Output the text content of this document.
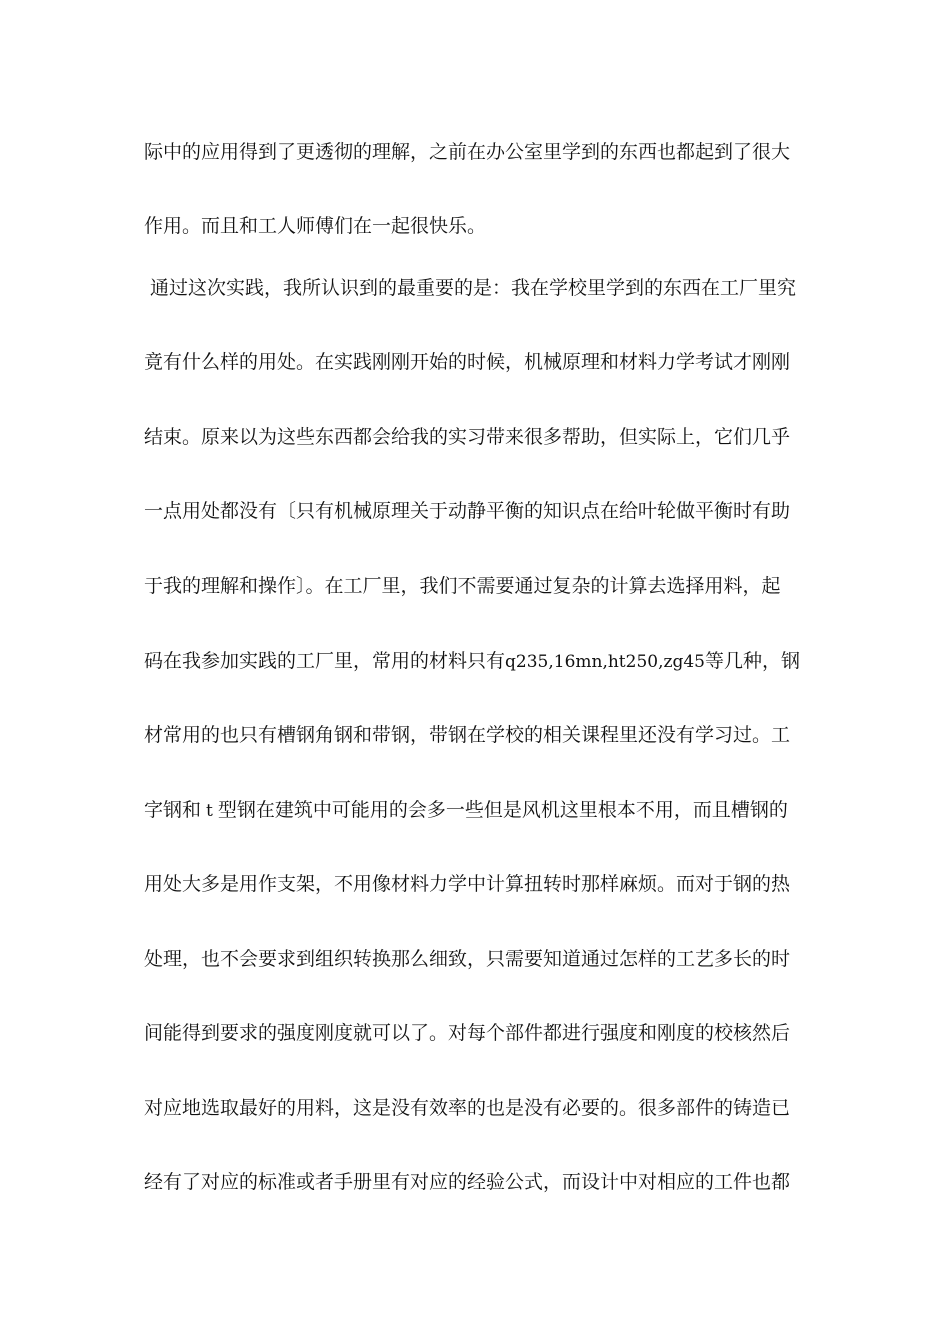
际中的应用得到了更透彻的理解，之前在办公室里学到的东西也都起到了很大
作用。而且和工人师傅们在一起很快乐。
通过这次实践，我所认识到的最重要的是：我在学校里学到的东西在工厂里究
竟有什么样的用处。在实践刚刚开始的时候，机械原理和材料力学考试才刚刚
结束。原来以为这些东西都会给我的实习带来很多帮助，但实际上，它们几乎
一点用处都没有〔只有机械原理关于动静平衡的知识点在给叶轮做平衡时有助
于我的理解和操作〕。在工厂里，我们不需要通过复杂的计算去选择用料，起
码在我参加实践的工厂里，常用的材料只有q235,16mn,ht250,zg45等几种，钢
材常用的也只有槽钢角钢和带钢，带钢在学校的相关课程里还没有学习过。工
字钢和 t 型钢在建筑中可能用的会多一些但是风机这里根本不用，而且槽钢的
用处大多是用作支架，不用像材料力学中计算扭转时那样麻烦。而对于钢的热
处理，也不会要求到组织转换那么细致，只需要知道通过怎样的工艺多长的时
间能得到要求的强度刚度就可以了。对每个部件都进行强度和刚度的校核然后
对应地选取最好的用料，这是没有效率的也是没有必要的。很多部件的铸造已
经有了对应的标准或者手册里有对应的经验公式，而设计中对相应的工件也都
